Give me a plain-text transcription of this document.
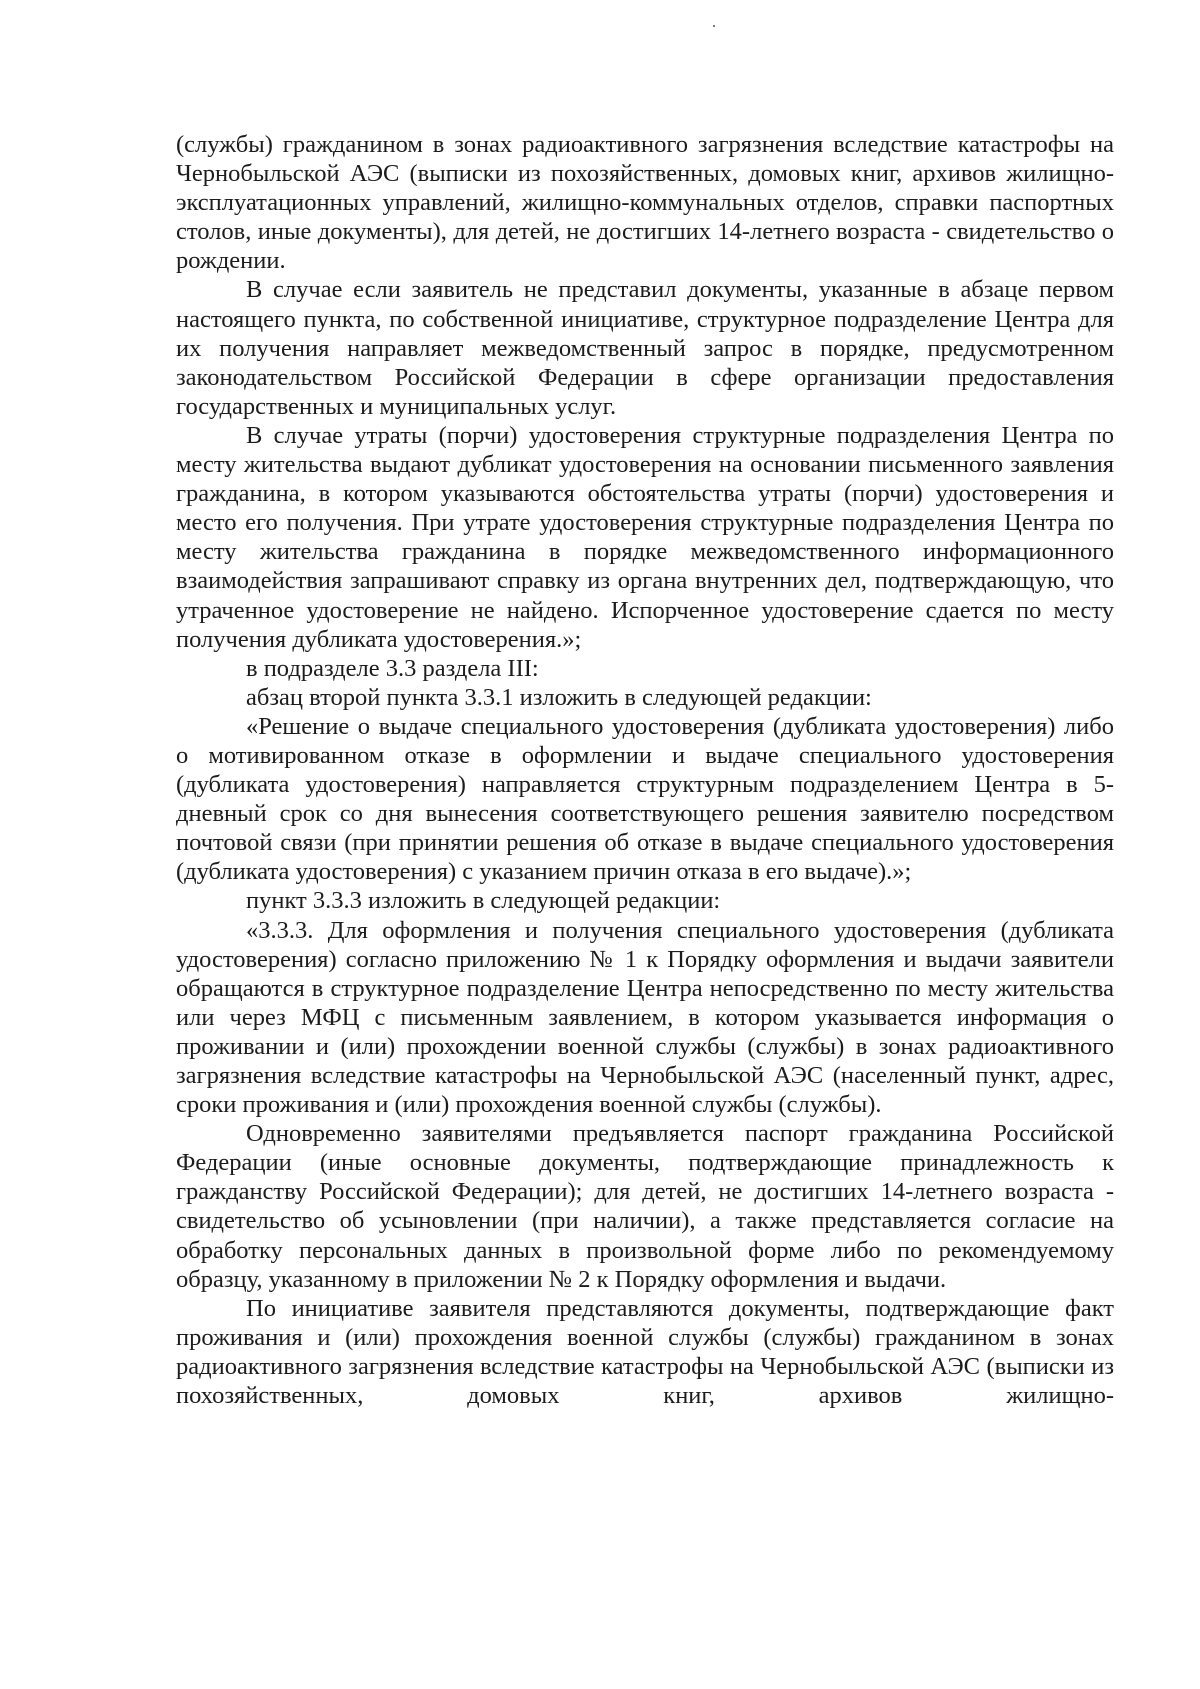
(службы) гражданином в зонах радиоактивного загрязнения вследствие катастрофы на Чернобыльской АЭС (выписки из похозяйственных, домовых книг, архивов жилищно-эксплуатационных управлений, жилищно-коммунальных отделов, справки паспортных столов, иные документы), для детей, не достигших 14-летнего возраста - свидетельство о рождении.

В случае если заявитель не представил документы, указанные в абзаце первом настоящего пункта, по собственной инициативе, структурное подразделение Центра для их получения направляет межведомственный запрос в порядке, предусмотренном законодательством Российской Федерации в сфере организации предоставления государственных и муниципальных услуг.

В случае утраты (порчи) удостоверения структурные подразделения Центра по месту жительства выдают дубликат удостоверения на основании письменного заявления гражданина, в котором указываются обстоятельства утраты (порчи) удостоверения и место его получения. При утрате удостоверения структурные подразделения Центра по месту жительства гражданина в порядке межведомственного информационного взаимодействия запрашивают справку из органа внутренних дел, подтверждающую, что утраченное удостоверение не найдено. Испорченное удостоверение сдается по месту получения дубликата удостоверения.»;

в подразделе 3.3 раздела III:

абзац второй пункта 3.3.1 изложить в следующей редакции:

«Решение о выдаче специального удостоверения (дубликата удостоверения) либо о мотивированном отказе в оформлении и выдаче специального удостоверения (дубликата удостоверения) направляется структурным подразделением Центра в 5-дневный срок со дня вынесения соответствующего решения заявителю посредством почтовой связи (при принятии решения об отказе в выдаче специального удостоверения (дубликата удостоверения) с указанием причин отказа в его выдаче).»;

пункт 3.3.3 изложить в следующей редакции:

«3.3.3. Для оформления и получения специального удостоверения (дубликата удостоверения) согласно приложению № 1 к Порядку оформления и выдачи заявители обращаются в структурное подразделение Центра непосредственно по месту жительства или через МФЦ с письменным заявлением, в котором указывается информация о проживании и (или) прохождении военной службы (службы) в зонах радиоактивного загрязнения вследствие катастрофы на Чернобыльской АЭС (населенный пункт, адрес, сроки проживания и (или) прохождения военной службы (службы).

Одновременно заявителями предъявляется паспорт гражданина Российской Федерации (иные основные документы, подтверждающие принадлежность к гражданству Российской Федерации); для детей, не достигших 14-летнего возраста - свидетельство об усыновлении (при наличии), а также представляется согласие на обработку персональных данных в произвольной форме либо по рекомендуемому образцу, указанному в приложении № 2 к Порядку оформления и выдачи.

По инициативе заявителя представляются документы, подтверждающие факт проживания и (или) прохождения военной службы (службы) гражданином в зонах радиоактивного загрязнения вследствие катастрофы на Чернобыльской АЭС (выписки из похозяйственных, домовых книг, архивов жилищно-
